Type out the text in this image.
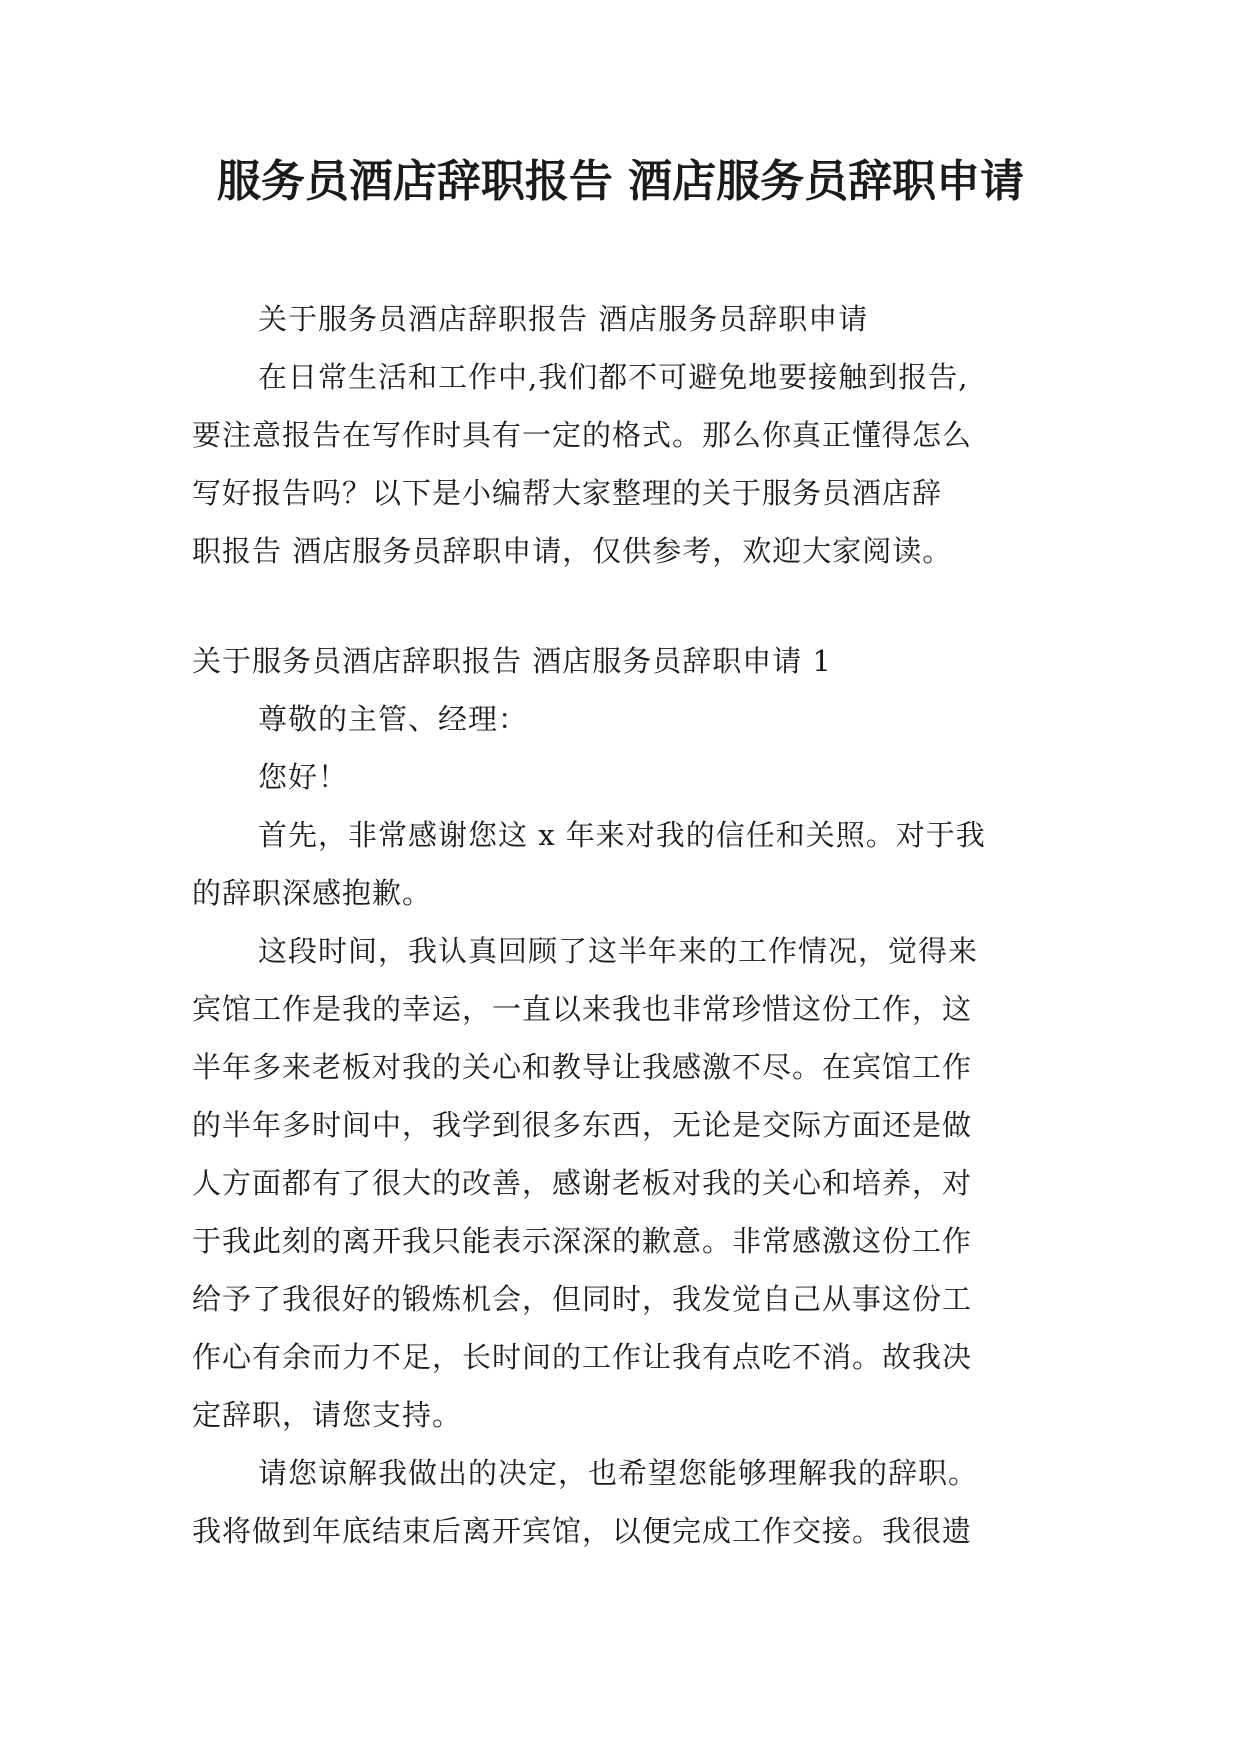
服务员酒店辞职报告 酒店服务员辞职申请
关于服务员酒店辞职报告 酒店服务员辞职申请
在日常生活和工作中,我们都不可避免地要接触到报告,
要注意报告在写作时具有一定的格式。那么你真正懂得怎么
写好报告吗？以下是小编帮大家整理的关于服务员酒店辞
职报告 酒店服务员辞职申请，仅供参考，欢迎大家阅读。
关于服务员酒店辞职报告 酒店服务员辞职申请 1
尊敬的主管、经理：
您好！
首先，非常感谢您这 x 年来对我的信任和关照。对于我
的辞职深感抱歉。
这段时间，我认真回顾了这半年来的工作情况，觉得来
宾馆工作是我的幸运，一直以来我也非常珍惜这份工作，这
半年多来老板对我的关心和教导让我感激不尽。在宾馆工作
的半年多时间中，我学到很多东西，无论是交际方面还是做
人方面都有了很大的改善，感谢老板对我的关心和培养，对
于我此刻的离开我只能表示深深的歉意。非常感激这份工作
给予了我很好的锻炼机会，但同时，我发觉自己从事这份工
作心有余而力不足，长时间的工作让我有点吃不消。故我决
定辞职，请您支持。
请您谅解我做出的决定，也希望您能够理解我的辞职。
我将做到年底结束后离开宾馆，以便完成工作交接。我很遗
